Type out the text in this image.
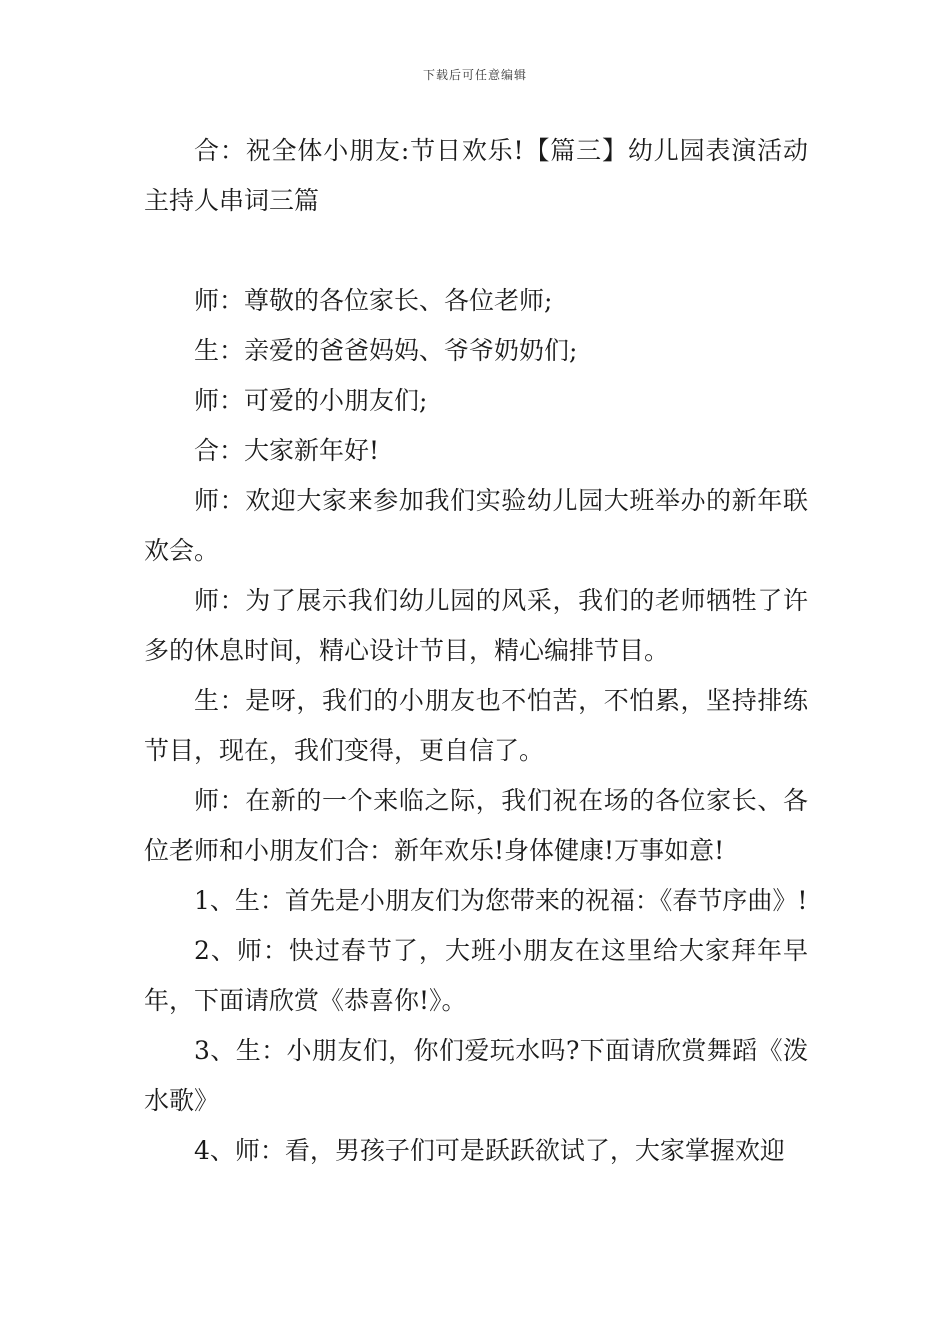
下载后可任意编辑

合：祝全体小朋友:节日欢乐!【篇三】幼儿园表演活动主持人串词三篇

师：尊敬的各位家长、各位老师;

生：亲爱的爸爸妈妈、爷爷奶奶们;

师：可爱的小朋友们;

合：大家新年好!

师：欢迎大家来参加我们实验幼儿园大班举办的新年联欢会。

师：为了展示我们幼儿园的风采，我们的老师牺牲了许多的休息时间，精心设计节目，精心编排节目。

生：是呀，我们的小朋友也不怕苦，不怕累，坚持排练节目，现在，我们变得，更自信了。

师：在新的一个来临之际，我们祝在场的各位家长、各位老师和小朋友们合：新年欢乐!身体健康!万事如意!

1、生：首先是小朋友们为您带来的祝福：《春节序曲》!

2、师：快过春节了，大班小朋友在这里给大家拜年早年，下面请欣赏《恭喜你!》。

3、生：小朋友们，你们爱玩水吗?下面请欣赏舞蹈《泼水歌》

4、师：看，男孩子们可是跃跃欲试了，大家掌握欢迎
